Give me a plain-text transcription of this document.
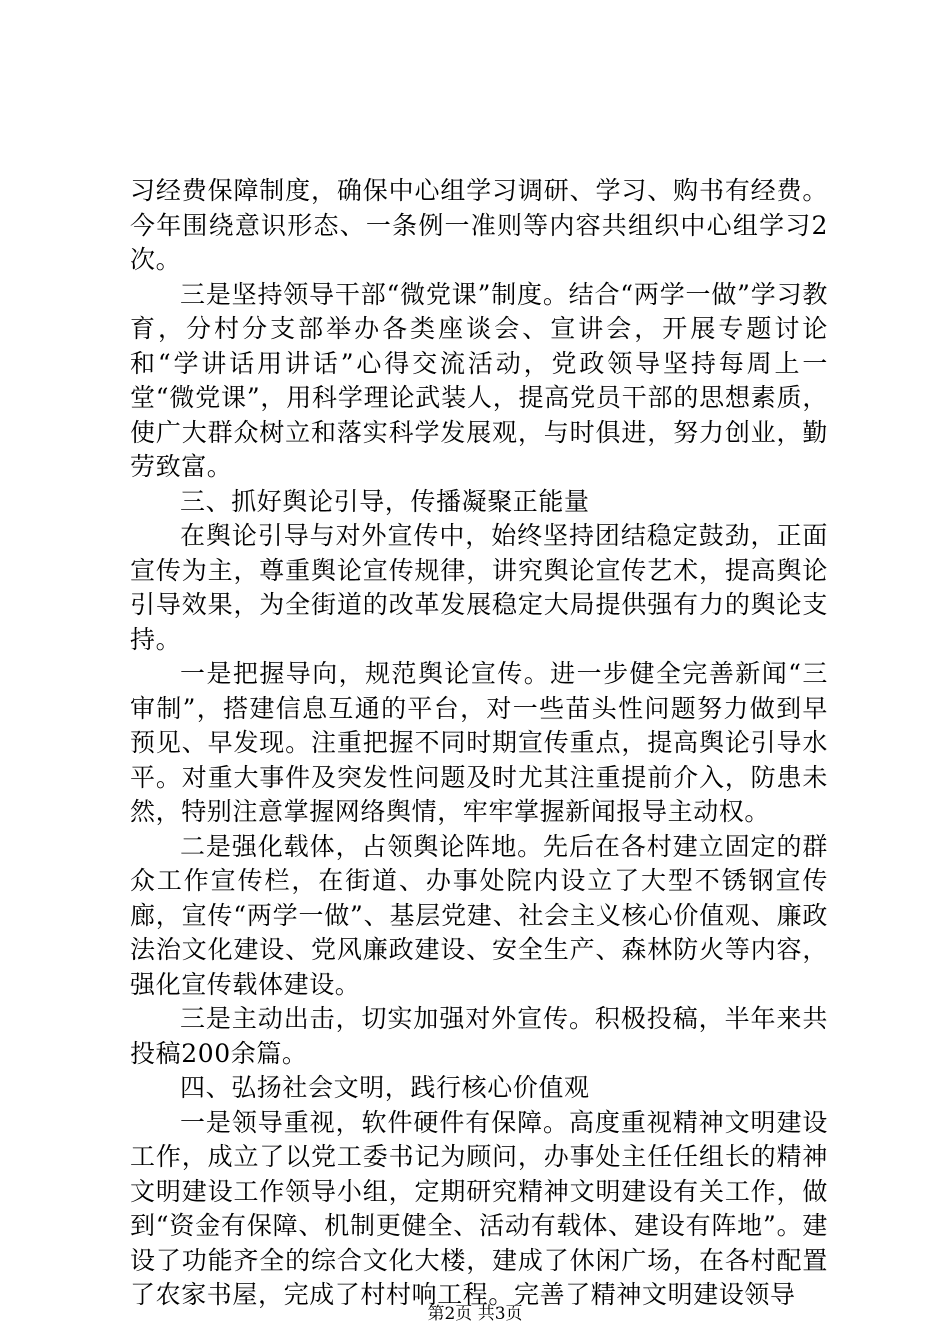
习经费保障制度，确保中心组学习调研、学习、购书有经费。今年围绕意识形态、一条例一准则等内容共组织中心组学习2次。

三是坚持领导干部“微党课”制度。结合“两学一做”学习教育，分村分支部举办各类座谈会、宣讲会，开展专题讨论和“学讲话用讲话”心得交流活动，党政领导坚持每周上一堂“微党课”，用科学理论武装人，提高党员干部的思想素质，使广大群众树立和落实科学发展观，与时俱进，努力创业，勤劳致富。

三、抓好舆论引导，传播凝聚正能量

在舆论引导与对外宣传中，始终坚持团结稳定鼓劲，正面宣传为主，尊重舆论宣传规律，讲究舆论宣传艺术，提高舆论引导效果，为全街道的改革发展稳定大局提供强有力的舆论支持。

一是把握导向，规范舆论宣传。进一步健全完善新闻“三审制”，搭建信息互通的平台，对一些苗头性问题努力做到早预见、早发现。注重把握不同时期宣传重点，提高舆论引导水平。对重大事件及突发性问题及时尤其注重提前介入，防患未然，特别注意掌握网络舆情，牢牢掌握新闻报导主动权。

二是强化载体，占领舆论阵地。先后在各村建立固定的群众工作宣传栏，在街道、办事处院内设立了大型不锈钢宣传廊，宣传“两学一做”、基层党建、社会主义核心价值观、廉政法治文化建设、党风廉政建设、安全生产、森林防火等内容，强化宣传载体建设。

三是主动出击，切实加强对外宣传。积极投稿，半年来共投稿200余篇。

四、弘扬社会文明，践行核心价值观

一是领导重视，软件硬件有保障。高度重视精神文明建设工作，成立了以党工委书记为顾问，办事处主任任组长的精神文明建设工作领导小组，定期研究精神文明建设有关工作，做到“资金有保障、机制更健全、活动有载体、建设有阵地”。建设了功能齐全的综合文化大楼，建成了休闲广场，在各村配置了农家书屋，完成了村村响工程。完善了精神文明建设领导

第2页 共3页
